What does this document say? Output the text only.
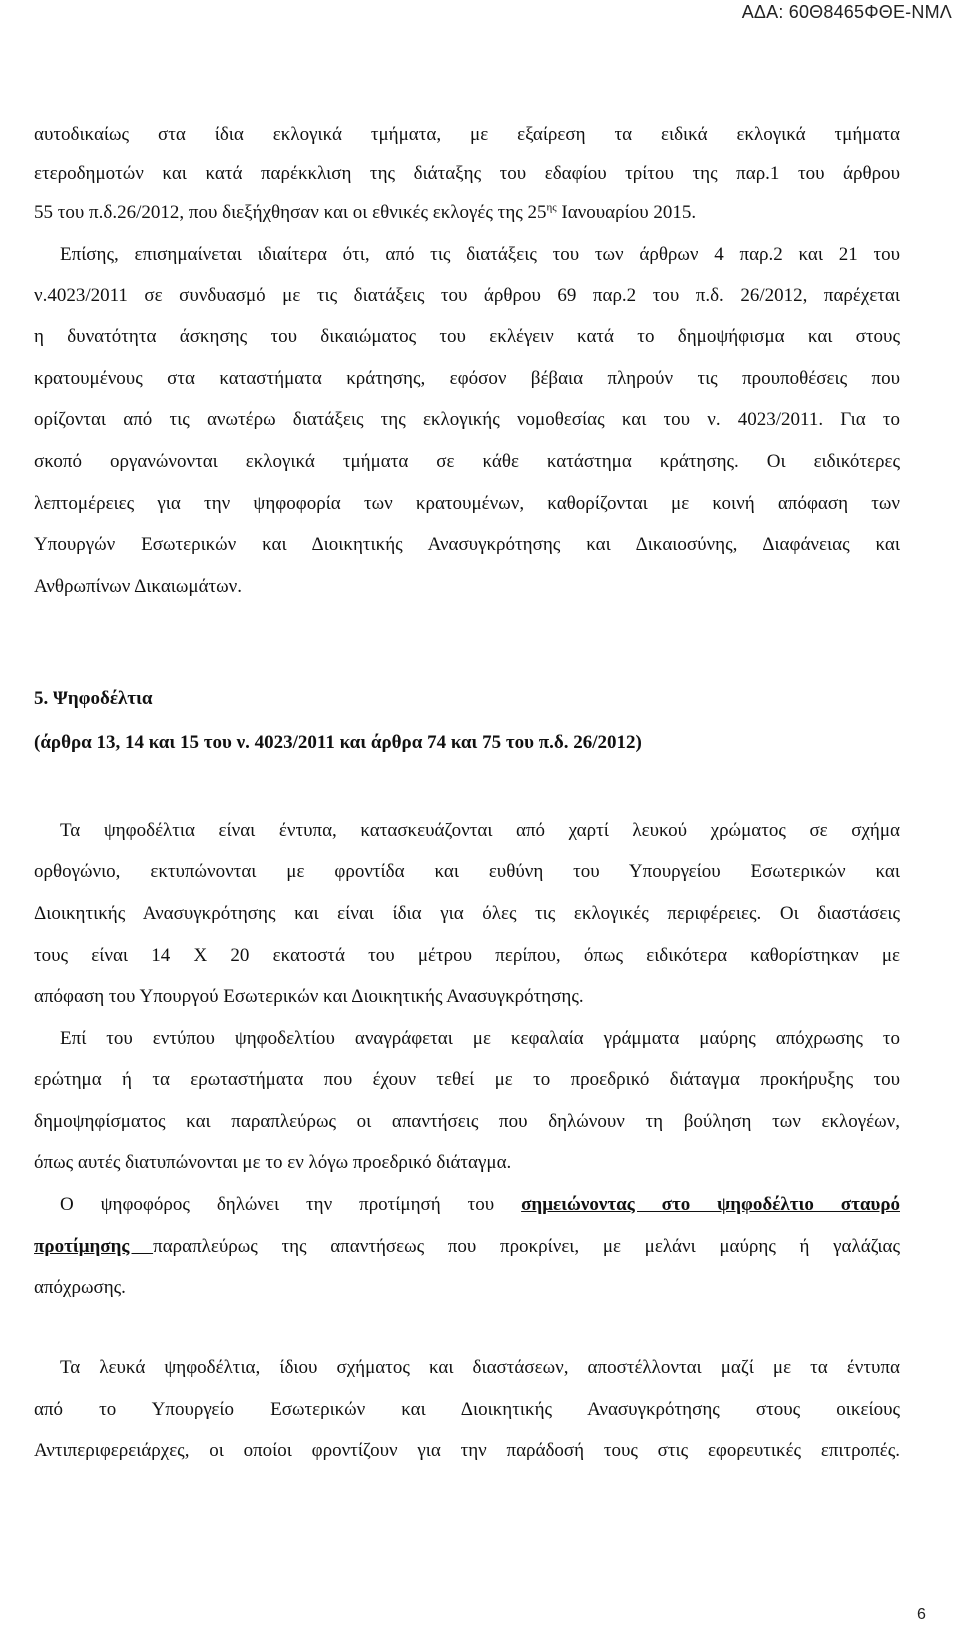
ΑΔΑ: 60Θ8465ΦΘΕ-ΝΜΛ

αυτοδικαίως στα ίδια εκλογικά τμήματα, με εξαίρεση τα ειδικά εκλογικά τμήματα

ετεροδημοτών και κατά παρέκκλιση της διάταξης του εδαφίου τρίτου της παρ.1 του άρθρου

55 του π.δ.26/2012, που διεξήχθησαν και οι εθνικές εκλογές της $25^{\eta\varsigma}$ Ιανουαρίου 2015.

Επίσης, επισημαίνεται ιδιαίτερα ότι, από τις διατάξεις του των άρθρων 4 παρ.2 και 21 του

ν.4023/2011 σε συνδυασμό με τις διατάξεις του άρθρου 69 παρ.2 του π.δ. 26/2012, παρέχεται

η δυνατότητα άσκησης του δικαιώματος του εκλέγειν κατά το δημοψήφισμα και στους

κρατουμένους στα καταστήματα κράτησης, εφόσον βέβαια πληρούν τις προυποθέσεις που

ορίζονται από τις ανωτέρω διατάξεις της εκλογικής νομοθεσίας και του ν. 4023/2011. Για το

σκοπό οργανώνονται εκλογικά τμήματα σε κάθε κατάστημα κράτησης. Οι ειδικότερες

λεπτομέρειες για την ψηφοφορία των κρατουμένων, καθορίζονται με κοινή απόφαση των

Υπουργών Εσωτερικών και Διοικητικής Ανασυγκρότησης και Δικαιοσύνης, Διαφάνειας και

Ανθρωπίνων Δικαιωμάτων.

5. Ψηφοδέλτια

(άρθρα 13, 14 και 15 του ν. 4023/2011 και άρθρα 74 και 75 του π.δ. 26/2012)

Τα ψηφοδέλτια είναι έντυπα, κατασκευάζονται από χαρτί λευκού χρώματος σε σχήμα

ορθογώνιο, εκτυπώνονται με φροντίδα και ευθύνη του Υπουργείου Εσωτερικών και

Διοικητικής Ανασυγκρότησης και είναι ίδια για όλες τις εκλογικές περιφέρειες. Οι διαστάσεις

τους είναι 14 Χ 20 εκατοστά του μέτρου περίπου, όπως ειδικότερα καθορίστηκαν με

απόφαση του Υπουργού Εσωτερικών και Διοικητικής Ανασυγκρότησης.

Επί του εντύπου ψηφοδελτίου αναγράφεται με κεφαλαία γράμματα μαύρης απόχρωσης το

ερώτημα ή τα ερωταστήματα που έχουν τεθεί με το προεδρικό διάταγμα προκήρυξης του

δημοψηφίσματος και παραπλεύρως οι απαντήσεις που δηλώνουν τη βούληση των εκλογέων,

όπως αυτές διατυπώνονται με το εν λόγω προεδρικό διάταγμα.

Ο ψηφοφόρος δηλώνει την προτίμησή του σημειώνοντας στο ψηφοδέλτιο σταυρό

προτίμησης παραπλεύρως της απαντήσεως που προκρίνει, με μελάνι μαύρης ή γαλάζιας

απόχρωσης.

Τα λευκά ψηφοδέλτια, ίδιου σχήματος και διαστάσεων, αποστέλλονται μαζί με τα έντυπα

από το Υπουργείο Εσωτερικών και Διοικητικής Ανασυγκρότησης στους οικείους

Αντιπεριφερειάρχες, οι οποίοι φροντίζουν για την παράδοσή τους στις εφορευτικές επιτροπές.

6
